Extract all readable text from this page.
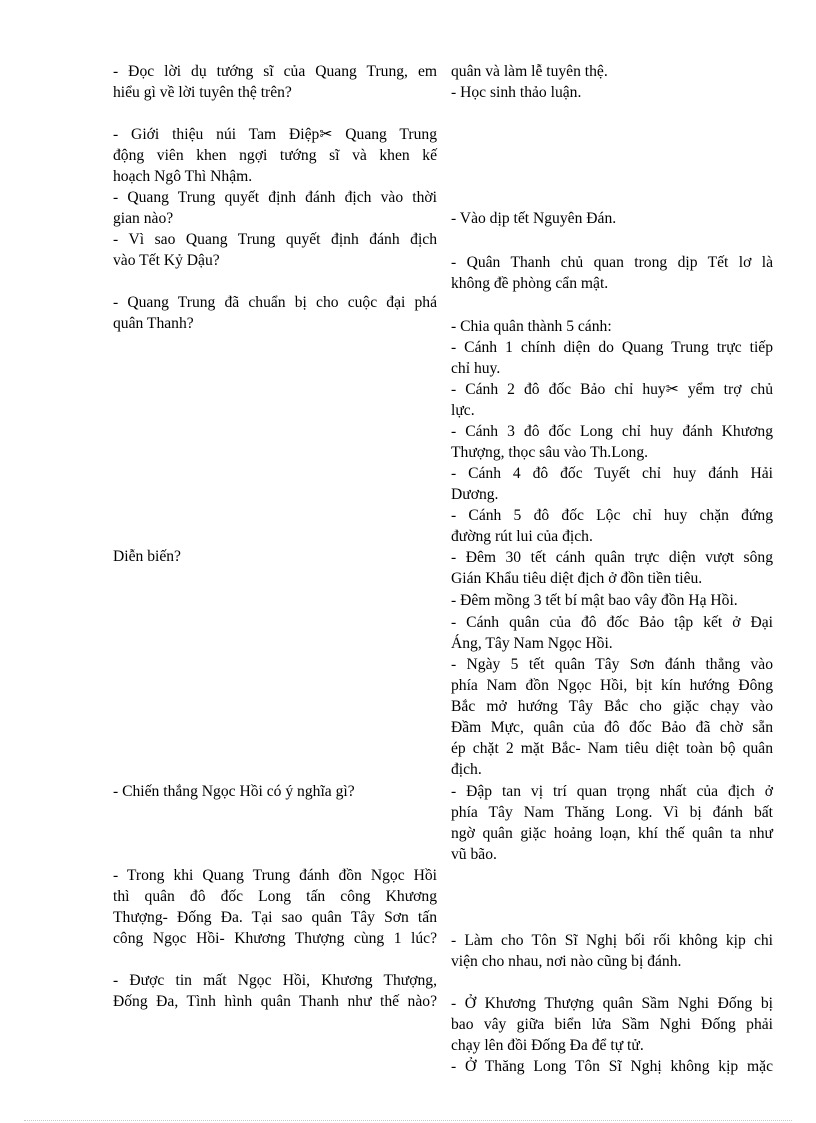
- Đọc lời dụ tướng sĩ của Quang Trung, em
hiểu gì về lời tuyên thệ trên?
- Giới thiệu núi Tam Điệp✂ Quang Trung
động viên khen ngợi tướng sĩ và khen kế
hoạch Ngô Thì Nhậm.
- Quang Trung quyết định đánh địch vào thời
gian nào?
- Vì sao Quang Trung quyết định đánh địch
vào Tết Kỷ Dậu?
- Quang Trung đã chuẩn bị cho cuộc đại phá
quân Thanh?
Diễn biến?
- Chiến thắng Ngọc Hồi có ý nghĩa gì?
- Trong khi Quang Trung đánh đồn Ngọc Hồi
thì quân đô đốc Long tấn công Khương
Thượng- Đống Đa. Tại sao quân Tây Sơn tấn
công Ngọc Hồi- Khương Thượng cùng 1 lúc?
- Được tin mất Ngọc Hồi, Khương Thượng,
Đống Đa, Tình hình quân Thanh như thế nào?
quân và làm lễ tuyên thệ.
- Học sinh thảo luận.
- Vào dịp tết Nguyên Đán.
- Quân Thanh chủ quan trong dịp Tết lơ là
không đề phòng cẩn mật.
- Chia quân thành 5 cánh:
- Cánh 1 chính diện do Quang Trung trực tiếp
chỉ huy.
- Cánh 2 đô đốc Bảo chỉ huy✂ yểm trợ chủ
lực.
- Cánh 3 đô đốc Long chỉ huy đánh Khương
Thượng, thọc sâu vào Th.Long.
- Cánh 4 đô đốc Tuyết chỉ huy đánh Hải
Dương.
- Cánh 5 đô đốc Lộc chỉ huy chặn đứng
đường rút lui của địch.
- Đêm 30 tết cánh quân trực diện vượt sông
Gián Khẩu tiêu diệt địch ở đồn tiền tiêu.
- Đêm mồng 3 tết bí mật bao vây đồn Hạ Hồi.
- Cánh quân của đô đốc Bảo tập kết ở Đại
Áng, Tây Nam Ngọc Hồi.
- Ngày 5 tết quân Tây Sơn đánh thẳng vào
phía Nam đồn Ngọc Hồi, bịt kín hướng Đông
Bắc mở hướng Tây Bắc cho giặc chạy vào
Đầm Mực, quân của đô đốc Bảo đã chờ sẵn
ép chặt 2 mặt Bắc- Nam tiêu diệt toàn bộ quân
địch.
- Đập tan vị trí quan trọng nhất của địch ở
phía Tây Nam Thăng Long. Vì bị đánh bất
ngờ quân giặc hoảng loạn, khí thế quân ta như
vũ bão.
- Làm cho Tôn Sĩ Nghị bối rối không kịp chi
viện cho nhau, nơi nào cũng bị đánh.
- Ở Khương Thượng quân Sầm Nghi Đống bị
bao vây giữa biển lửa Sầm Nghi Đống phải
chạy lên đồi Đống Đa để tự tử.
- Ở Thăng Long Tôn Sĩ Nghị không kịp mặc
